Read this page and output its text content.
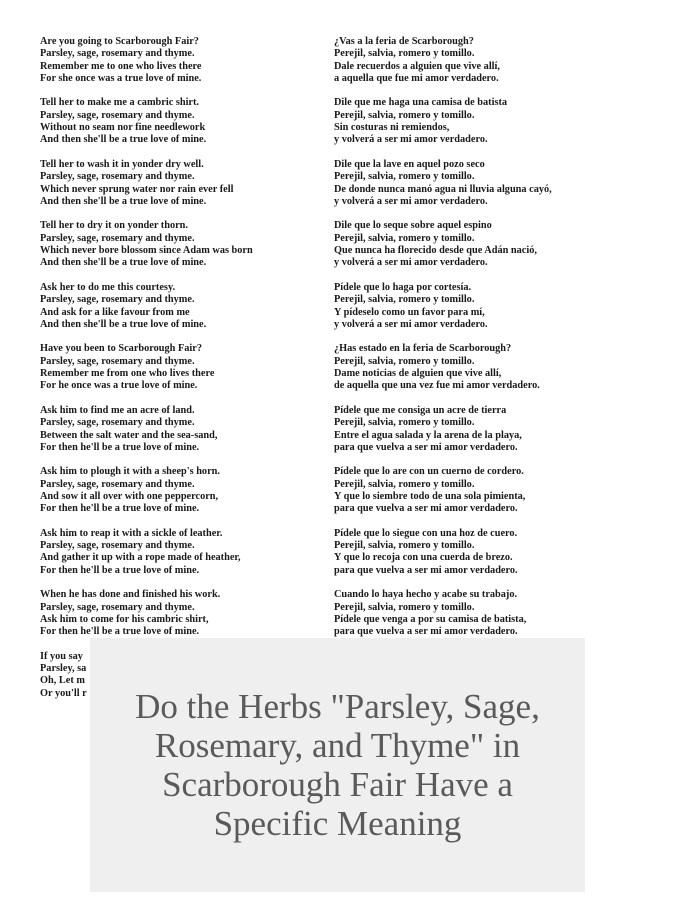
Are you going to Scarborough Fair?
Parsley, sage, rosemary and thyme.
Remember me to one who lives there
For she once was a true love of mine.
Tell her to make me a cambric shirt.
Parsley, sage, rosemary and thyme.
Without no seam nor fine needlework
And then she'll be a true love of mine.
Tell her to wash it in yonder dry well.
Parsley, sage, rosemary and thyme.
Which never sprung water nor rain ever fell
And then she'll be a true love of mine.
Tell her to dry it on yonder thorn.
Parsley, sage, rosemary and thyme.
Which never bore blossom since Adam was born
And then she'll be a true love of mine.
Ask her to do me this courtesy.
Parsley, sage, rosemary and thyme.
And ask for a like favour from me
And then she'll be a true love of mine.
Have you been to Scarborough Fair?
Parsley, sage, rosemary and thyme.
Remember me from one who lives there
For he once was a true love of mine.
Ask him to find me an acre of land.
Parsley, sage, rosemary and thyme.
Between the salt water and the sea-sand,
For then he'll be a true love of mine.
Ask him to plough it with a sheep's horn.
Parsley, sage, rosemary and thyme.
And sow it all over with one peppercorn,
For then he'll be a true love of mine.
Ask him to reap it with a sickle of leather.
Parsley, sage, rosemary and thyme.
And gather it up with a rope made of heather,
For then he'll be a true love of mine.
When he has done and finished his work.
Parsley, sage, rosemary and thyme.
Ask him to come for his cambric shirt,
For then he'll be a true love of mine.
If you say
Parsley, sa
Oh, Let m
Or you'll r
¿Vas a la feria de Scarborough?
Perejil, salvia, romero y tomillo.
Dale recuerdos a alguien que vive allí,
a aquella que fue mi amor verdadero.
Dile que me haga una camisa de batista
Perejil, salvia, romero y tomillo.
Sin costuras ni remiendos,
y volverá a ser mi amor verdadero.
Dile que la lave en aquel pozo seco
Perejil, salvia, romero y tomillo.
De donde nunca manó agua ni lluvia alguna cayó,
y volverá a ser mi amor verdadero.
Dile que lo seque sobre aquel espino
Perejil, salvia, romero y tomillo.
Que nunca ha florecido desde que Adán nació,
y volverá a ser mi amor verdadero.
Pídele que lo haga por cortesía.
Perejil, salvia, romero y tomillo.
Y pídeselo como un favor para mí,
y volverá a ser mi amor verdadero.
¿Has estado en la feria de Scarborough?
Perejil, salvia, romero y tomillo.
Dame noticias de alguien que vive allí,
de aquella que una vez fue mi amor verdadero.
Pídele que me consiga un acre de tierra
Perejil, salvia, romero y tomillo.
Entre el agua salada y la arena de la playa,
para que vuelva a ser mi amor verdadero.
Pídele que lo are con un cuerno de cordero.
Perejil, salvia, romero y tomillo.
Y que lo siembre todo de una sola pimienta,
para que vuelva a ser mi amor verdadero.
Pídele que lo siegue con una hoz de cuero.
Perejil, salvia, romero y tomillo.
Y que lo recoja con una cuerda de brezo.
para que vuelva a ser mi amor verdadero.
Cuando lo haya hecho y acabe su trabajo.
Perejil, salvia, romero y tomillo.
Pídele que venga a por su camisa de batista,
para que vuelva a ser mi amor verdadero.
Do the Herbs "Parsley, Sage, Rosemary, and Thyme" in Scarborough Fair Have a Specific Meaning
